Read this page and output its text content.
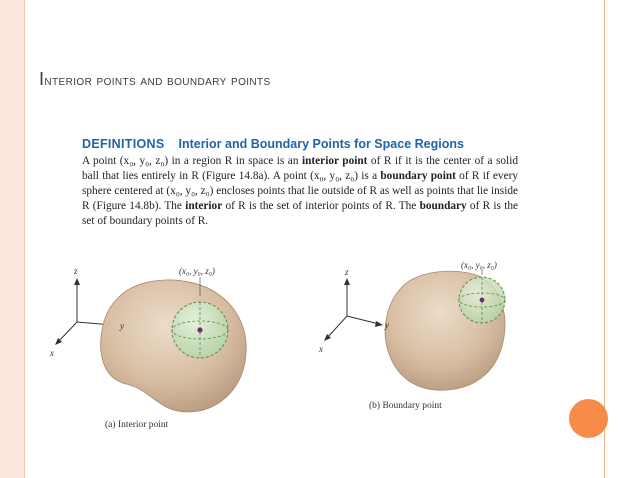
Interior points and boundary points
DEFINITIONS Interior and Boundary Points for Space Regions

A point (x₀, y₀, z₀) in a region R in space is an interior point of R if it is the center of a solid ball that lies entirely in R (Figure 14.8a). A point (x₀, y₀, z₀) is a boundary point of R if every sphere centered at (x₀, y₀, z₀) encloses points that lie outside of R as well as points that lie inside R (Figure 14.8b). The interior of R is the set of interior points of R. The boundary of R is the set of boundary points of R.

z
y
x
(x₀, y₀, z₀)
(a) Interior point
z
y
x
(x₀, y₀, z₀)
(b) Boundary point
